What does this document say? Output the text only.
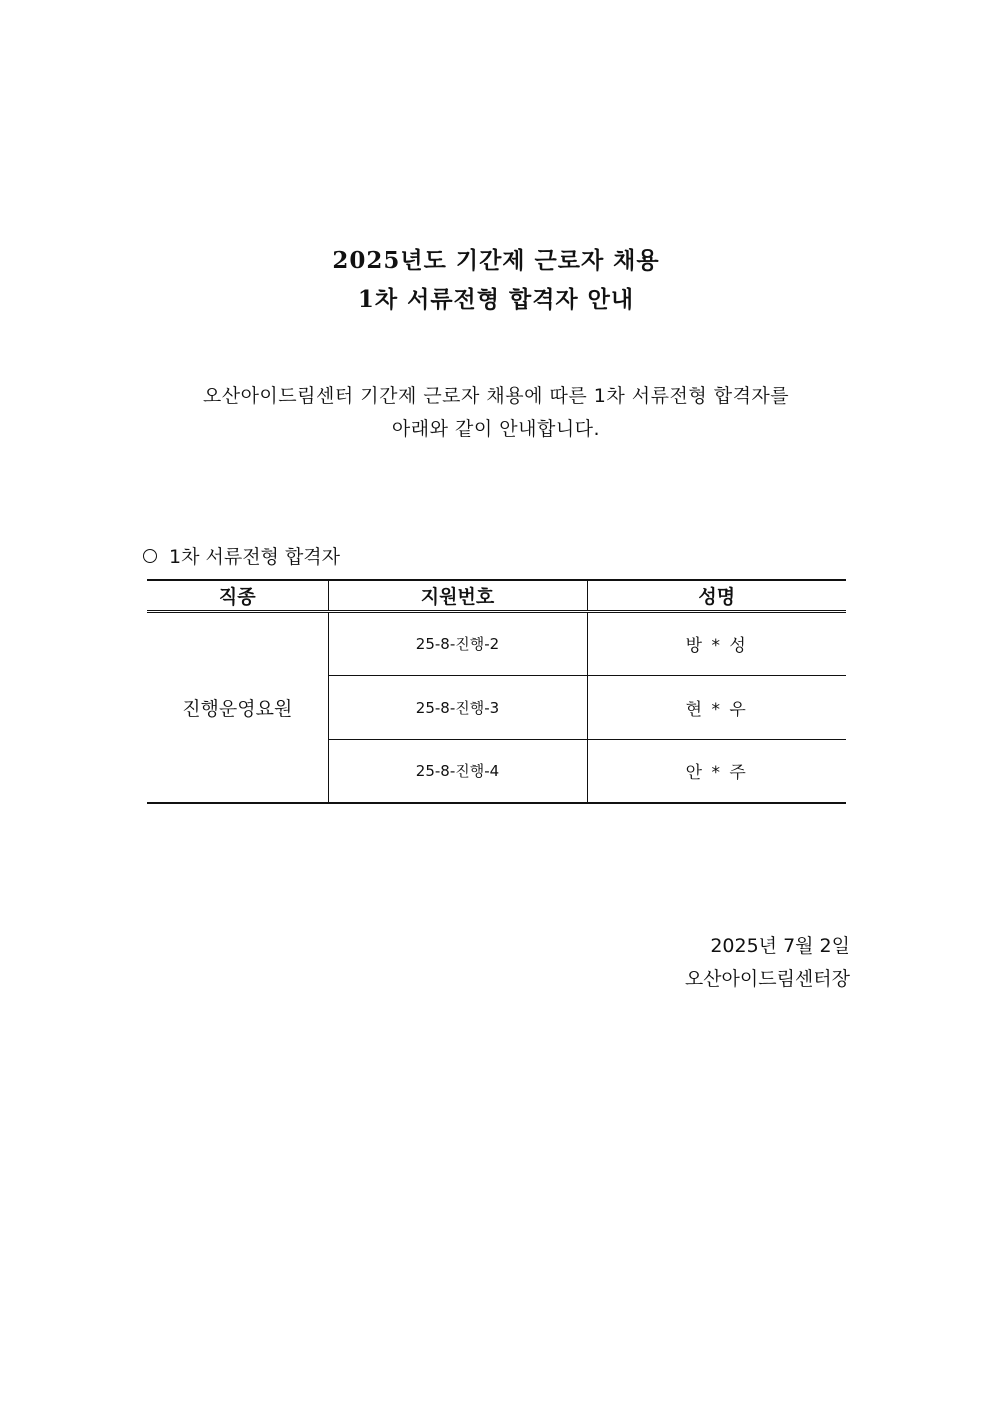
2025년도 기간제 근로자 채용
1차 서류전형 합격자 안내
오산아이드림센터 기간제 근로자 채용에 따른 1차 서류전형 합격자를
아래와 같이 안내합니다.
1차 서류전형 합격자
직종	지원번호	성명
진행운영요원	25-8-진행-2	방 * 성
	25-8-진행-3	현 * 우
	25-8-진행-4	안 * 주
2025년 7월 2일
오산아이드림센터장
